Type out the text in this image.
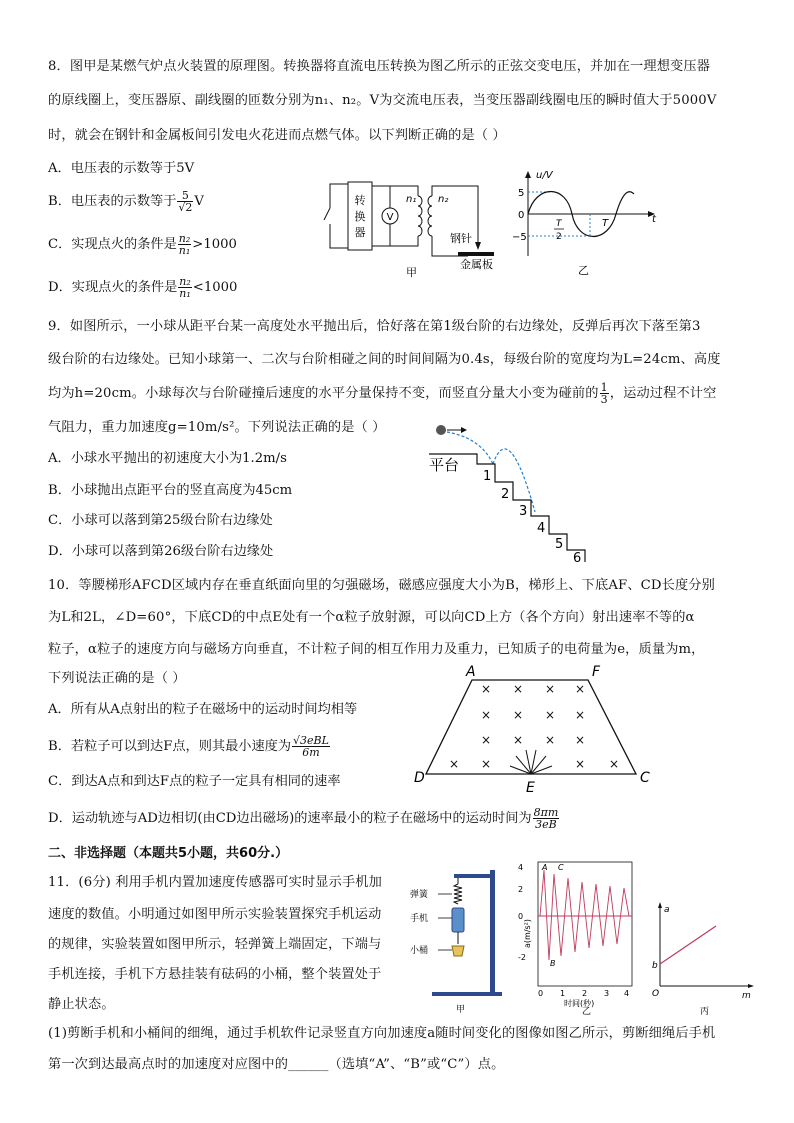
8．图甲是某燃气炉点火装置的原理图。转换器将直流电压转换为图乙所示的正弦交变电压，并加在一理想变压器
的原线圈上，变压器原、副线圈的匝数分别为n₁、n₂。V为交流电压表，当变压器副线圈电压的瞬时值大于5000V
时，就会在钢针和金属板间引发电火花进而点燃气体。以下判断正确的是（ ）
A．电压表的示数等于5V
B．电压表的示数等于 $\frac{5}{√2}$ V
C．实现点火的条件是 $\frac{\text{n₂}}{\text{n₁}} >1000$
D．实现点火的条件是 $\frac{\text{n₂}}{\text{n₁}} <1000$
转
换
器
V
n₁ n₂
钢针
金属板
甲
u/V
5
0
−5
T
2
T	t
乙
9．如图所示，一小球从距平台某一高度处水平抛出后，恰好落在第1级台阶的右边缘处，反弹后再次下落至第3
级台阶的右边缘处。已知小球第一、二次与台阶相碰之间的时间间隔为0.4s，每级台阶的宽度均为L=24cm、高度
均为h=20cm。小球每次与台阶碰撞后速度的水平分量保持不变，而竖直分量大小变为碰前的 $\frac{1}{3}$ ，运动过程不计空
气阻力，重力加速度g=10m/s²。下列说法正确的是（ ）
A．小球水平抛出的初速度大小为1.2m/s
B．小球抛出点距平台的竖直高度为45cm
C．小球可以落到第25级台阶右边缘处
D．小球可以落到第26级台阶右边缘处
平台
1
2
3
4
5
6
10．等腰梯形AFCD区域内存在垂直纸面向里的匀强磁场，磁感应强度大小为B，梯形上、下底AF、CD长度分别
为L和2L，∠D=60°，下底CD的中点E处有一个α粒子放射源，可以向CD上方（各个方向）射出速率不等的α
粒子，α粒子的速度方向与磁场方向垂直，不计粒子间的相互作用力及重力，已知质子的电荷量为e，质量为m，
下列说法正确的是（ ）
A．所有从A点射出的粒子在磁场中的运动时间均相等
B．若粒子可以到达F点，则其最小速度为 $\frac{\text{√3eBL}}{6m}$
C．到达A点和到达F点的粒子一定具有相同的速率
D．运动轨迹与AD边相切(由CD边出磁场)的速率最小的粒子在磁场中的运动时间为 $\frac{8\pi m}{3eB}$
× × × ×
× × × ×
× × × ×
× ×	× ×
A	F
C
D
E
二、非选择题（本题共5小题，共60分.）
11．(6分) 利用手机内置加速度传感器可实时显示手机加
速度的数值。小明通过如图甲所示实验装置探究手机运动
的规律，实验装置如图甲所示，轻弹簧上端固定，下端与
手机连接，手机下方悬挂装有砝码的小桶，整个装置处于
静止状态。
(1)剪断手机和小桶间的细绳，通过手机软件记录竖直方向加速度a随时间变化的图像如图乙所示，剪断细绳后手机
第一次到达最高点时的加速度对应图中的______（选填“A”、“B”或“C”）点。
弹簧
手机
小桶
甲
4
2
0
-2
a(m/s²)
0 1 2 3 4
时间(秒)
A C
B
乙
a
b
O	m
丙
